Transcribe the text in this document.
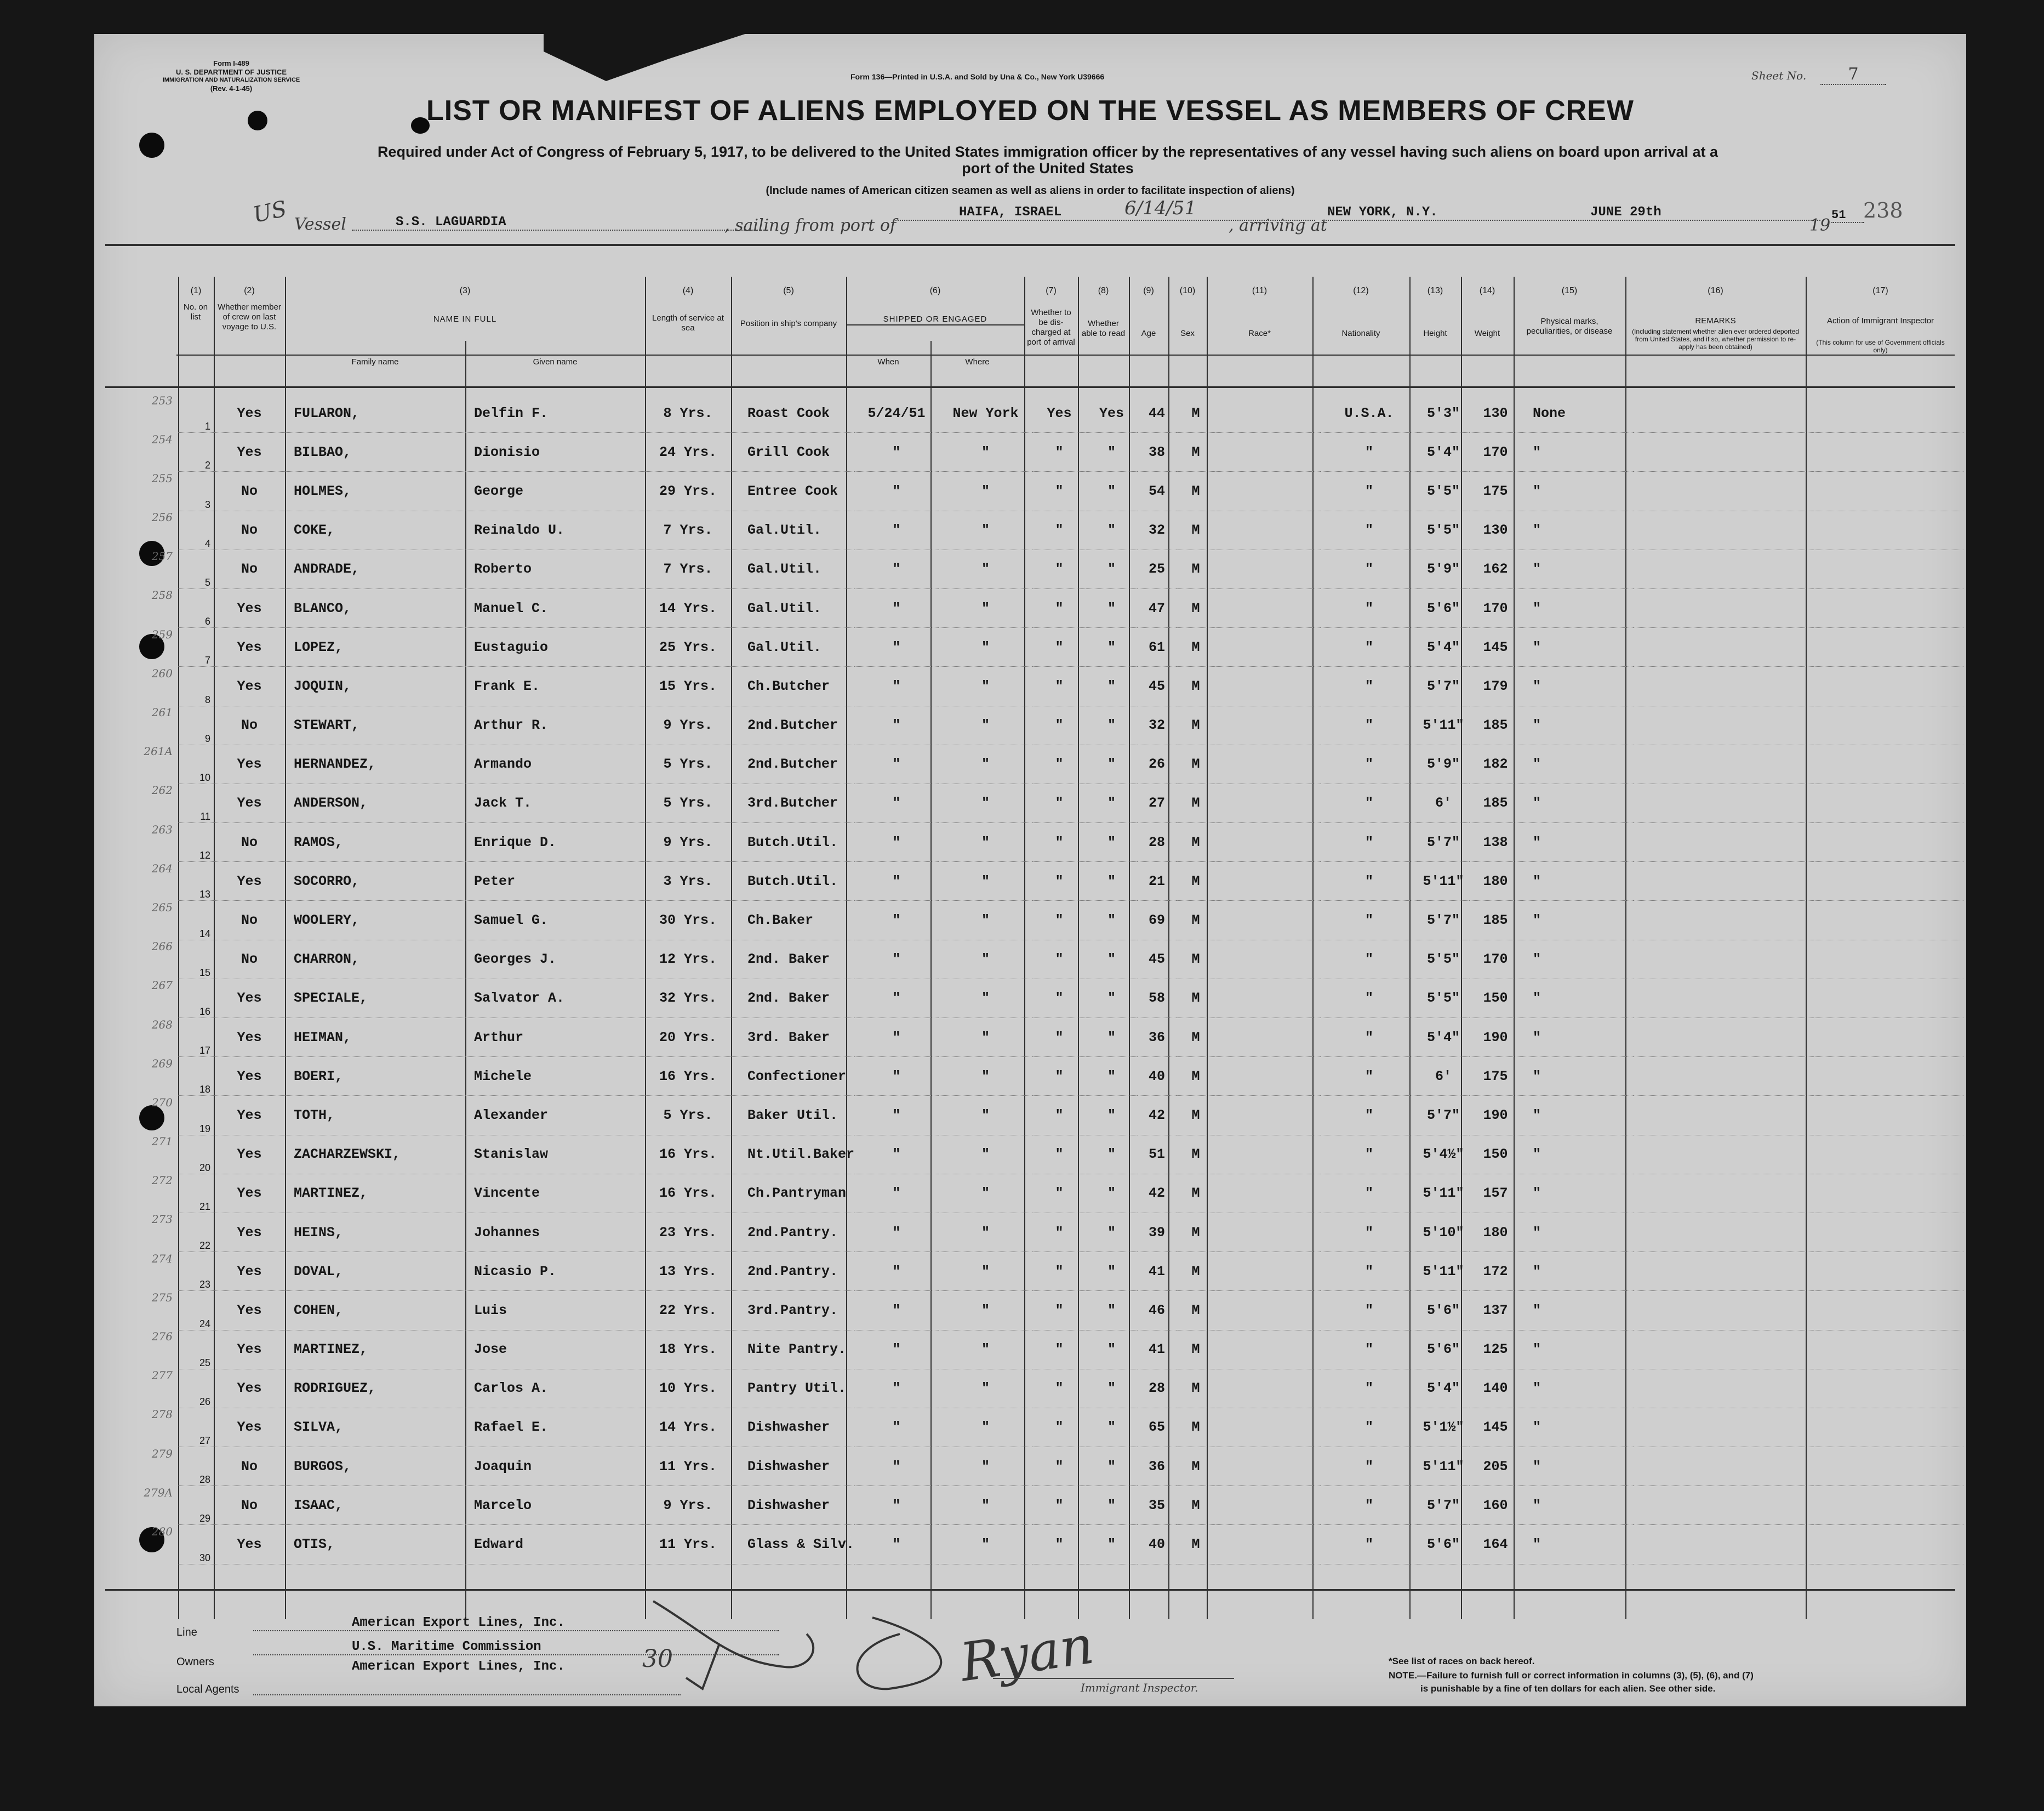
Form I-489
U. S. DEPARTMENT OF JUSTICE
IMMIGRATION AND NATURALIZATION SERVICE
(Rev. 4-1-45)
Form 136—Printed in U.S.A. and Sold by Una & Co., New York U39666	Sheet No.	7
LIST OR MANIFEST OF ALIENS EMPLOYED ON THE VESSEL AS MEMBERS OF CREW
Required under Act of Congress of February 5, 1917, to be delivered to the United States immigration officer by the representatives of any vessel having such aliens on board upon arrival at a
port of the United States
(Include names of American citizen seamen as well as aliens in order to facilitate inspection of aliens)
US Vessel	S.S. LAGUARDIA	, sailing from port of
HAIFA, ISRAEL	6/14/51
, arriving at
NEW YORK, N.Y.	JUNE 29th
19
51 238
(1)	(2)	(3)	(4)	(5)	(6)	(7)	(8)	(9)	(10)	(11)	(12)	(13)	(14)	(15)	(16)	(17)
No. on list
Whether member of crew on last voyage to U.S.
NAME IN FULL
Family name	Given name
Length of service at sea	Position in ship's company	SHIPPED OR ENGAGED
When	Where
Whether to be dis-charged at port of arrival
Whether able to read	Age	Sex	Race*	Nationality	Height	Weight
Physical marks, peculiarities, or disease
REMARKS
(Including statement whether alien ever ordered deported from United States, and if so, whether permission to re-apply has been obtained)
Action of Immigrant Inspector
(This column for use of Government officials only)
253	1	Yes	FULARON,	Delfin F.	8 Yrs.	Roast Cook	5/24/51	New York	Yes	Yes	44	M		U.S.A.	5'3"	130	None		
254	2	Yes	BILBAO,	Dionisio	24 Yrs.	Grill Cook	"	"	"	"	38	M		"	5'4"	170	"		
255	3	No	HOLMES,	George	29 Yrs.	Entree Cook	"	"	"	"	54	M		"	5'5"	175	"		
256	4	No	COKE,	Reinaldo U.	7 Yrs.	Gal.Util.	"	"	"	"	32	M		"	5'5"	130	"		
257	5	No	ANDRADE,	Roberto	7 Yrs.	Gal.Util.	"	"	"	"	25	M		"	5'9"	162	"		
258	6	Yes	BLANCO,	Manuel C.	14 Yrs.	Gal.Util.	"	"	"	"	47	M		"	5'6"	170	"		
259	7	Yes	LOPEZ,	Eustaguio	25 Yrs.	Gal.Util.	"	"	"	"	61	M		"	5'4"	145	"		
260	8	Yes	JOQUIN,	Frank E.	15 Yrs.	Ch.Butcher	"	"	"	"	45	M		"	5'7"	179	"		
261	9	No	STEWART,	Arthur R.	9 Yrs.	2nd.Butcher	"	"	"	"	32	M		"	5'11"	185	"		
261A	10	Yes	HERNANDEZ,	Armando	5 Yrs.	2nd.Butcher	"	"	"	"	26	M		"	5'9"	182	"		
262	11	Yes	ANDERSON,	Jack T.	5 Yrs.	3rd.Butcher	"	"	"	"	27	M		"	6'	185	"		
263	12	No	RAMOS,	Enrique D.	9 Yrs.	Butch.Util.	"	"	"	"	28	M		"	5'7"	138	"		
264	13	Yes	SOCORRO,	Peter	3 Yrs.	Butch.Util.	"	"	"	"	21	M		"	5'11"	180	"		
265	14	No	WOOLERY,	Samuel G.	30 Yrs.	Ch.Baker	"	"	"	"	69	M		"	5'7"	185	"		
266	15	No	CHARRON,	Georges J.	12 Yrs.	2nd. Baker	"	"	"	"	45	M		"	5'5"	170	"		
267	16	Yes	SPECIALE,	Salvator A.	32 Yrs.	2nd. Baker	"	"	"	"	58	M		"	5'5"	150	"		
268	17	Yes	HEIMAN,	Arthur	20 Yrs.	3rd. Baker	"	"	"	"	36	M		"	5'4"	190	"		
269	18	Yes	BOERI,	Michele	16 Yrs.	Confectioner	"	"	"	"	40	M		"	6'	175	"		
270	19	Yes	TOTH,	Alexander	5 Yrs.	Baker Util.	"	"	"	"	42	M		"	5'7"	190	"		
271	20	Yes	ZACHARZEWSKI,	Stanislaw	16 Yrs.	Nt.Util.Baker	"	"	"	"	51	M		"	5'4½"	150	"		
272	21	Yes	MARTINEZ,	Vincente	16 Yrs.	Ch.Pantryman	"	"	"	"	42	M		"	5'11"	157	"		
273	22	Yes	HEINS,	Johannes	23 Yrs.	2nd.Pantry.	"	"	"	"	39	M		"	5'10"	180	"		
274	23	Yes	DOVAL,	Nicasio P.	13 Yrs.	2nd.Pantry.	"	"	"	"	41	M		"	5'11"	172	"		
275	24	Yes	COHEN,	Luis	22 Yrs.	3rd.Pantry.	"	"	"	"	46	M		"	5'6"	137	"		
276	25	Yes	MARTINEZ,	Jose	18 Yrs.	Nite Pantry.	"	"	"	"	41	M		"	5'6"	125	"		
277	26	Yes	RODRIGUEZ,	Carlos A.	10 Yrs.	Pantry Util.	"	"	"	"	28	M		"	5'4"	140	"		
278	27	Yes	SILVA,	Rafael E.	14 Yrs.	Dishwasher	"	"	"	"	65	M		"	5'1½"	145	"		
279	28	No	BURGOS,	Joaquin	11 Yrs.	Dishwasher	"	"	"	"	36	M		"	5'11"	205	"		
279A	29	No	ISAAC,	Marcelo	9 Yrs.	Dishwasher	"	"	"	"	35	M		"	5'7"	160	"		
280	30	Yes	OTIS,	Edward	11 Yrs.	Glass & Silv.	"	"	"	"	40	M		"	5'6"	164	"		
Line
American Export Lines, Inc.
Owners
U.S. Maritime Commission
American Export Lines, Inc.
Local Agents
30	Ryan
Immigrant Inspector.
*See list of races on back hereof.
NOTE.—Failure to furnish full or correct information in columns (3), (5), (6), and (7)
is punishable by a fine of ten dollars for each alien. See other side.
